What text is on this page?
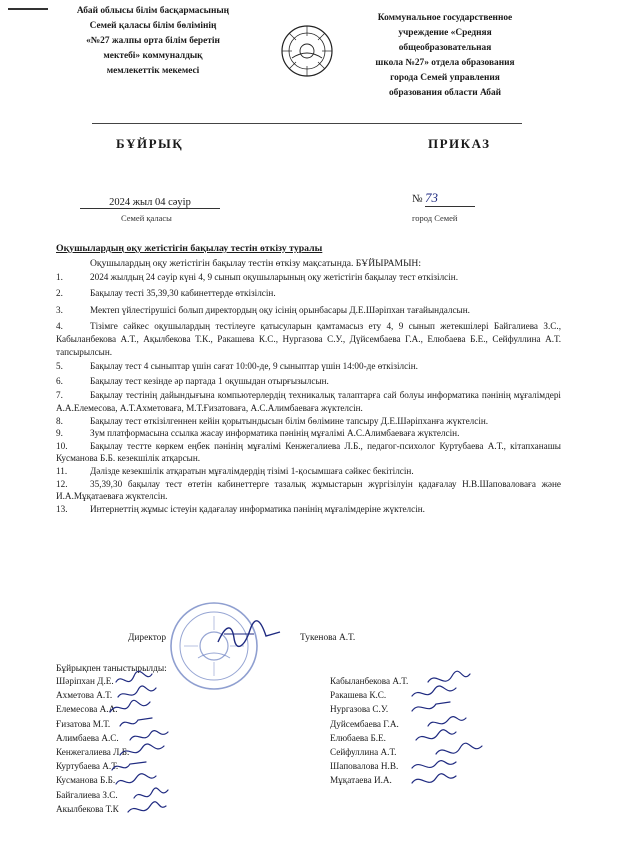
Абай облысы білім басқармасының
Семей қаласы білім бөлімінің
«№27 жалпы орта білім беретін
мектебі» коммуналдық
мемлекеттік мекемесі
Коммунальное государственное
учреждение «Средняя
общеобразовательная
школа №27» отдела образования
города Семей управления
образования области Абай
БҰЙРЫҚ	ПРИКАЗ
2024 жыл 04 сәуір	№ 73
Семей қаласы	город Семей
Оқушылардың оқу жетістігін бақылау тестін өткізу туралы

Оқушылардың оқу жетістігін бақылау тестін өткізу мақсатында. БҰЙЫРАМЫН:

1.	2024 жылдың 24 сәуір күні 4, 9 сынып оқушыларының оқу жетістігін бақылау тест өткізілсін.

2.	Бақылау тесті 35,39,30 кабинеттерде өткізілсін.

3.	Мектеп үйлестірушісі болып директордың оқу ісінің орынбасары Д.Е.Шәріпхан тағайындалсын.

4.	Тізімге сәйкес оқушылардың тестілеуге қатысуларын қамтамасыз ету 4, 9 сынып жетекшілері Байгалиева З.С., Кабыланбекова А.Т., Ақылбекова Т.К., Ракашева К.С., Нургазова С.У., Дүйсембаева Г.А., Елюбаева Б.Е., Сейфуллина А.Т. тапсырылсын.

5.	Бақылау тест 4 сыныптар үшін сағат 10:00-де, 9 сыныптар үшін 14:00-де өткізілсін.

6.	Бақылау тест кезінде әр партада 1 оқушыдан отырғызылсын.

7.	Бақылау тестінің дайындығына компьютерлердің техникалық талаптарға сай болуы информатика пәнінің мұғалімдері А.А.Елемесова, А.Т.Ахметоваға, М.Т.Ғизатоваға, А.С.Алимбаеваға жүктелсін.

8.	Бақылау тест өткізілгеннен кейін қорытындысын білім бөлімине тапсыру Д.Е.Шәріпханға жүктелсін.

9.	Зум платформасына ссылка жасау информатика пәнінің мұғалімі А.С.Алимбаеваға жүктелсін.

10. Бақылау тестте көркем еңбек пәнінің мұғалімі Кенжегалиева Л.Б., педагог-психолог Куртубаева А.Т., кітапханашы Кусманова Б.Б. кезекшілік атқарсын.

11. Дәлізде кезекшілік атқаратын мұғалімдердің тізімі 1-қосымшаға сәйкес бекітілсін.

12. 35,39,30 бақылау тест өтетін кабинеттерге тазалық жұмыстарын жүргізілуін қадағалау Н.В.Шаповаловаға және И.А.Мұқатаеваға жүктелсін.

13. Интернеттің жұмыс істеуін қадағалау информатика пәнінің мұғалімдеріне жүктелсін.

Директор	Тукенова А.Т.
Бұйрықпен таныстырылды:
Шәріпхан Д.Е.
Ахметова А.Т.
Елемесова А.А.
Ғизатова М.Т.
Алимбаева А.С.
Кенжегалиева Л.Б.
Куртубаева А.Т.
Кусманова Б.Б.
Байгалиева З.С.
Акылбекова Т.К
Кабыланбекова А.Т.
Ракашева К.С.
Нургазова С.У.
Дуйсембаева Г.А.
Елюбаева Б.Е.
Сейфуллина А.Т.
Шаповалова Н.В.
Мұқатаева И.А.
